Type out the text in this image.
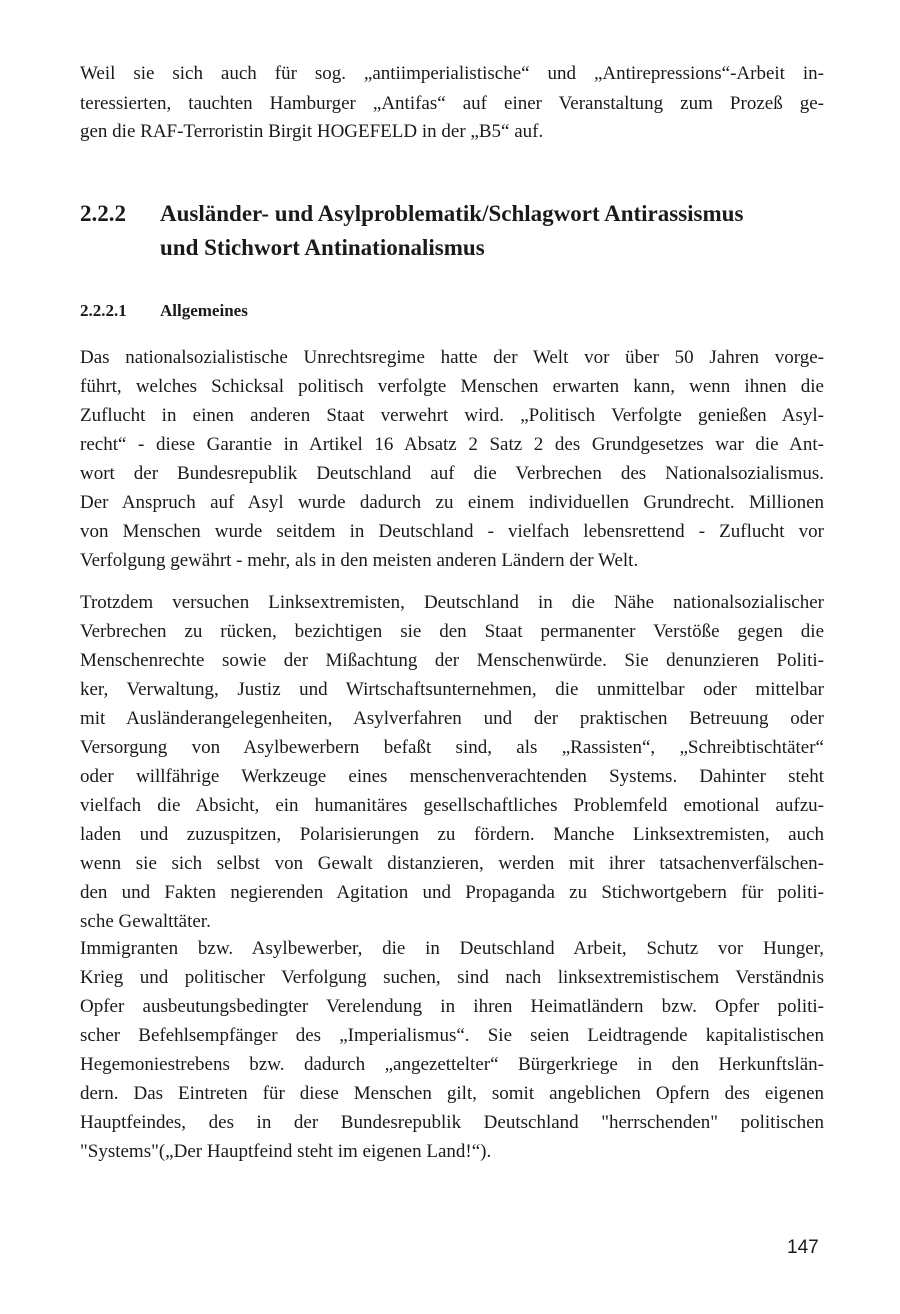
Weil sie sich auch für sog. „antiimperialistische“ und „Antirepressions“-Arbeit in-
teressierten, tauchten Hamburger „Antifas“ auf einer Veranstaltung zum Prozeß ge-
gen die RAF-Terroristin Birgit HOGEFELD in der „B5“ auf.
2.2.2 Ausländer- und Asylproblematik/Schlagwort Antirassismus
und Stichwort Antinationalismus
2.2.2.1 Allgemeines
Das nationalsozialistische Unrechtsregime hatte der Welt vor über 50 Jahren vorge-
führt, welches Schicksal politisch verfolgte Menschen erwarten kann, wenn ihnen die
Zuflucht in einen anderen Staat verwehrt wird. „Politisch Verfolgte genießen Asyl-
recht“ - diese Garantie in Artikel 16 Absatz 2 Satz 2 des Grundgesetzes war die Ant-
wort der Bundesrepublik Deutschland auf die Verbrechen des Nationalsozialismus.
Der Anspruch auf Asyl wurde dadurch zu einem individuellen Grundrecht. Millionen
von Menschen wurde seitdem in Deutschland - vielfach lebensrettend - Zuflucht vor
Verfolgung gewährt - mehr, als in den meisten anderen Ländern der Welt.
Trotzdem versuchen Linksextremisten, Deutschland in die Nähe nationalsozialischer
Verbrechen zu rücken, bezichtigen sie den Staat permanenter Verstöße gegen die
Menschenrechte sowie der Mißachtung der Menschenwürde. Sie denunzieren Politi-
ker, Verwaltung, Justiz und Wirtschaftsunternehmen, die unmittelbar oder mittelbar
mit Ausländerangelegenheiten, Asylverfahren und der praktischen Betreuung oder
Versorgung von Asylbewerbern befaßt sind, als „Rassisten“, „Schreibtischtäter“
oder willfährige Werkzeuge eines menschenverachtenden Systems. Dahinter steht
vielfach die Absicht, ein humanitäres gesellschaftliches Problemfeld emotional aufzu-
laden und zuzuspitzen, Polarisierungen zu fördern. Manche Linksextremisten, auch
wenn sie sich selbst von Gewalt distanzieren, werden mit ihrer tatsachenverfälschen-
den und Fakten negierenden Agitation und Propaganda zu Stichwortgebern für politi-
sche Gewalttäter.
Immigranten bzw. Asylbewerber, die in Deutschland Arbeit, Schutz vor Hunger,
Krieg und politischer Verfolgung suchen, sind nach linksextremistischem Verständnis
Opfer ausbeutungsbedingter Verelendung in ihren Heimatländern bzw. Opfer politi-
scher Befehlsempfänger des „Imperialismus“. Sie seien Leidtragende kapitalistischen
Hegemoniestrebens bzw. dadurch „angezettelter“ Bürgerkriege in den Herkunftslän-
dern. Das Eintreten für diese Menschen gilt, somit angeblichen Opfern des eigenen
Hauptfeindes, des in der Bundesrepublik Deutschland "herrschenden" politischen
"Systems"(„Der Hauptfeind steht im eigenen Land!“).
147
